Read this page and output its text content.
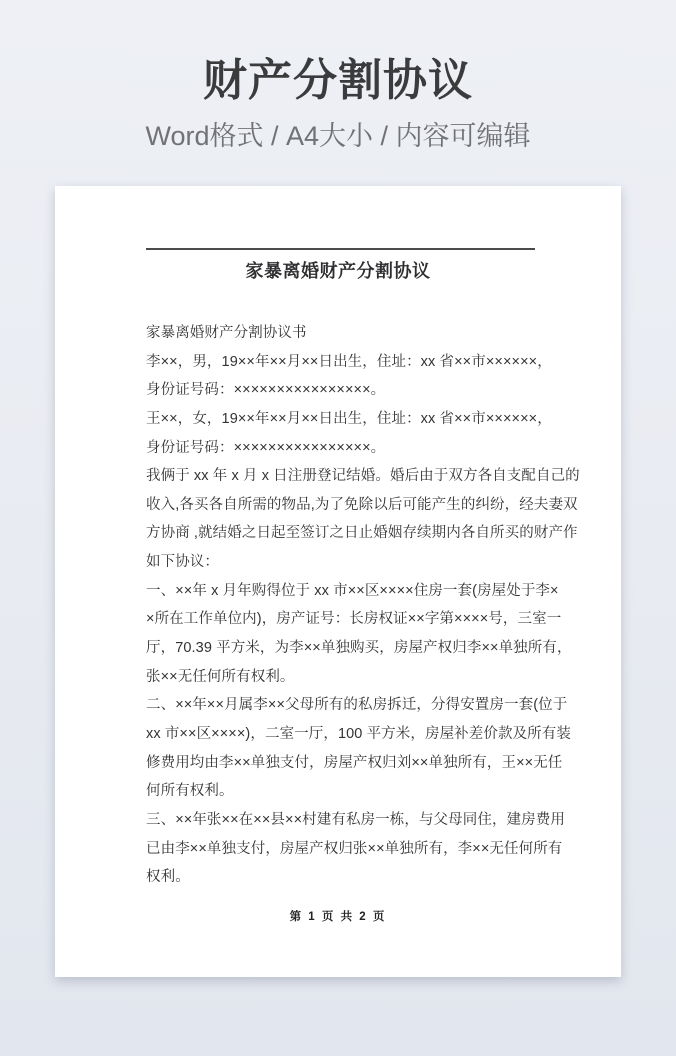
财产分割协议

Word格式 / A4大小 / 内容可编辑

家暴离婚财产分割协议
家暴离婚财产分割协议书
李××，男，19××年××月××日出生，住址：xx 省××市××××××，
身份证号码：××××××××××××××××。
王××，女，19××年××月××日出生，住址：xx 省××市××××××，
身份证号码：××××××××××××××××。
我俩于 xx 年 x 月 x 日注册登记结婚。婚后由于双方各自支配自己的
收入,各买各自所需的物品,为了免除以后可能产生的纠纷，经夫妻双
方协商 ,就结婚之日起至签订之日止婚姻存续期内各自所买的财产作
如下协议：
一、××年 x 月年购得位于 xx 市××区××××住房一套(房屋处于李×
×所在工作单位内)，房产证号：长房权证××字第××××号，三室一
厅，70.39 平方米，为李××单独购买，房屋产权归李××单独所有，
张××无任何所有权利。
二、××年××月属李××父母所有的私房拆迁，分得安置房一套(位于
xx 市××区××××)，二室一厅，100 平方米，房屋补差价款及所有装
修费用均由李××单独支付，房屋产权归刘××单独所有，王××无任
何所有权利。
三、××年张××在××县××村建有私房一栋，与父母同住，建房费用
已由李××单独支付，房屋产权归张××单独所有，李××无任何所有
权利。
第 1 页 共 2 页
